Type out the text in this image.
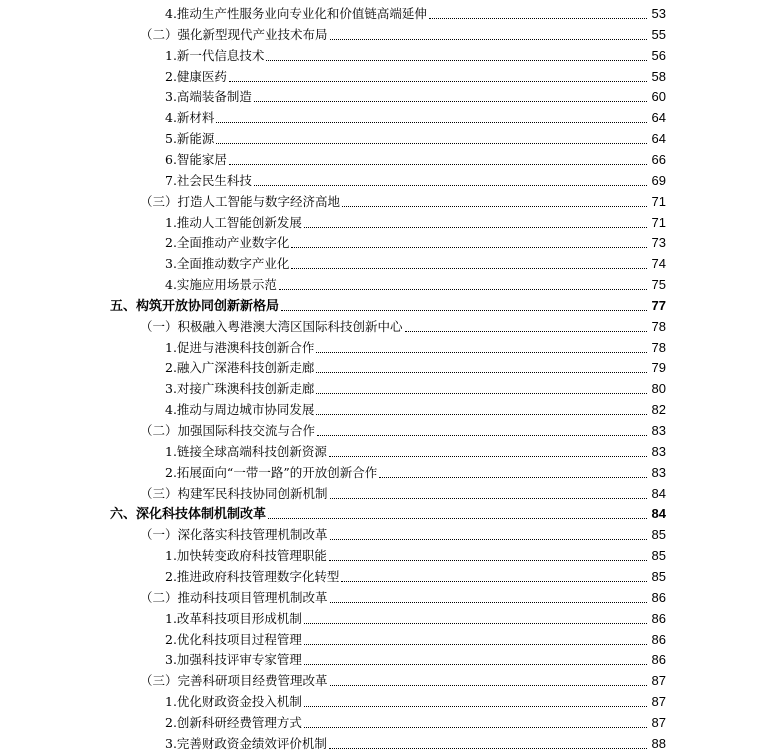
4.推动生产性服务业向专业化和价值链高端延伸	53
（二）强化新型现代产业技术布局	55
1.新一代信息技术	56
2.健康医药	58
3.高端装备制造	60
4.新材料	64
5.新能源	64
6.智能家居	66
7.社会民生科技	69
（三）打造人工智能与数字经济高地	71
1.推动人工智能创新发展	71
2.全面推动产业数字化	73
3.全面推动数字产业化	74
4.实施应用场景示范	75
五、构筑开放协同创新新格局	77
（一）积极融入粤港澳大湾区国际科技创新中心	78
1.促进与港澳科技创新合作	78
2.融入广深港科技创新走廊	79
3.对接广珠澳科技创新走廊	80
4.推动与周边城市协同发展	82
（二）加强国际科技交流与合作	83
1.链接全球高端科技创新资源	83
2.拓展面向“一带一路”的开放创新合作	83
（三）构建军民科技协同创新机制	84
六、深化科技体制机制改革	84
（一）深化落实科技管理机制改革	85
1.加快转变政府科技管理职能	85
2.推进政府科技管理数字化转型	85
（二）推动科技项目管理机制改革	86
1.改革科技项目形成机制	86
2.优化科技项目过程管理	86
3.加强科技评审专家管理	86
（三）完善科研项目经费管理改革	87
1.优化财政资金投入机制	87
2.创新科研经费管理方式	87
3.完善财政资金绩效评价机制	88
